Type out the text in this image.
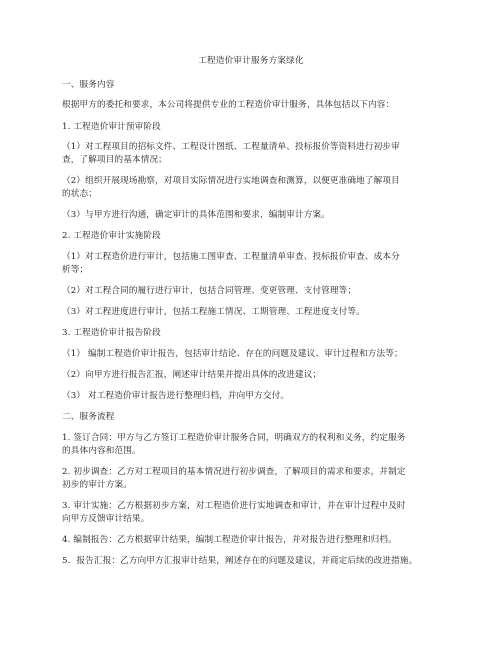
工程造价审计服务方案绿化
一、服务内容
根据甲方的委托和要求，本公司将提供专业的工程造价审计服务，具体包括以下内容：
1. 工程造价审计预审阶段
（1）对工程项目的招标文件、工程设计图纸、工程量清单、投标报价等资料进行初步审
查，了解项目的基本情况；
（2）组织开展现场勘察，对项目实际情况进行实地调查和测算，以便更准确地了解项目
的状态；
（3）与甲方进行沟通，确定审计的具体范围和要求，编制审计方案。
2. 工程造价审计实施阶段
（1）对工程造价进行审计，包括施工图审查、工程量清单审查、投标报价审查、成本分
析等；
（2）对工程合同的履行进行审计，包括合同管理、变更管理、支付管理等；
（3）对工程进度进行审计，包括工程施工情况、工期管理、工程进度支付等。
3. 工程造价审计报告阶段
（1） 编制工程造价审计报告，包括审计结论、存在的问题及建议、审计过程和方法等；
（2）向甲方进行报告汇报，阐述审计结果并提出具体的改进建议；
（3） 对工程造价审计报告进行整理归档，并向甲方交付。
二、服务流程
1. 签订合同：甲方与乙方签订工程造价审计服务合同，明确双方的权利和义务，约定服务
的具体内容和范围。
2. 初步调查：乙方对工程项目的基本情况进行初步调查，了解项目的需求和要求，并制定
初步的审计方案。
3. 审计实施：乙方根据初步方案，对工程造价进行实地调查和审计，并在审计过程中及时
向甲方反馈审计结果。
4. 编制报告：乙方根据审计结果，编制工程造价审计报告，并对报告进行整理和归档。
5．报告汇报：乙方向甲方汇报审计结果，阐述存在的问题及建议，并商定后续的改进措施。
